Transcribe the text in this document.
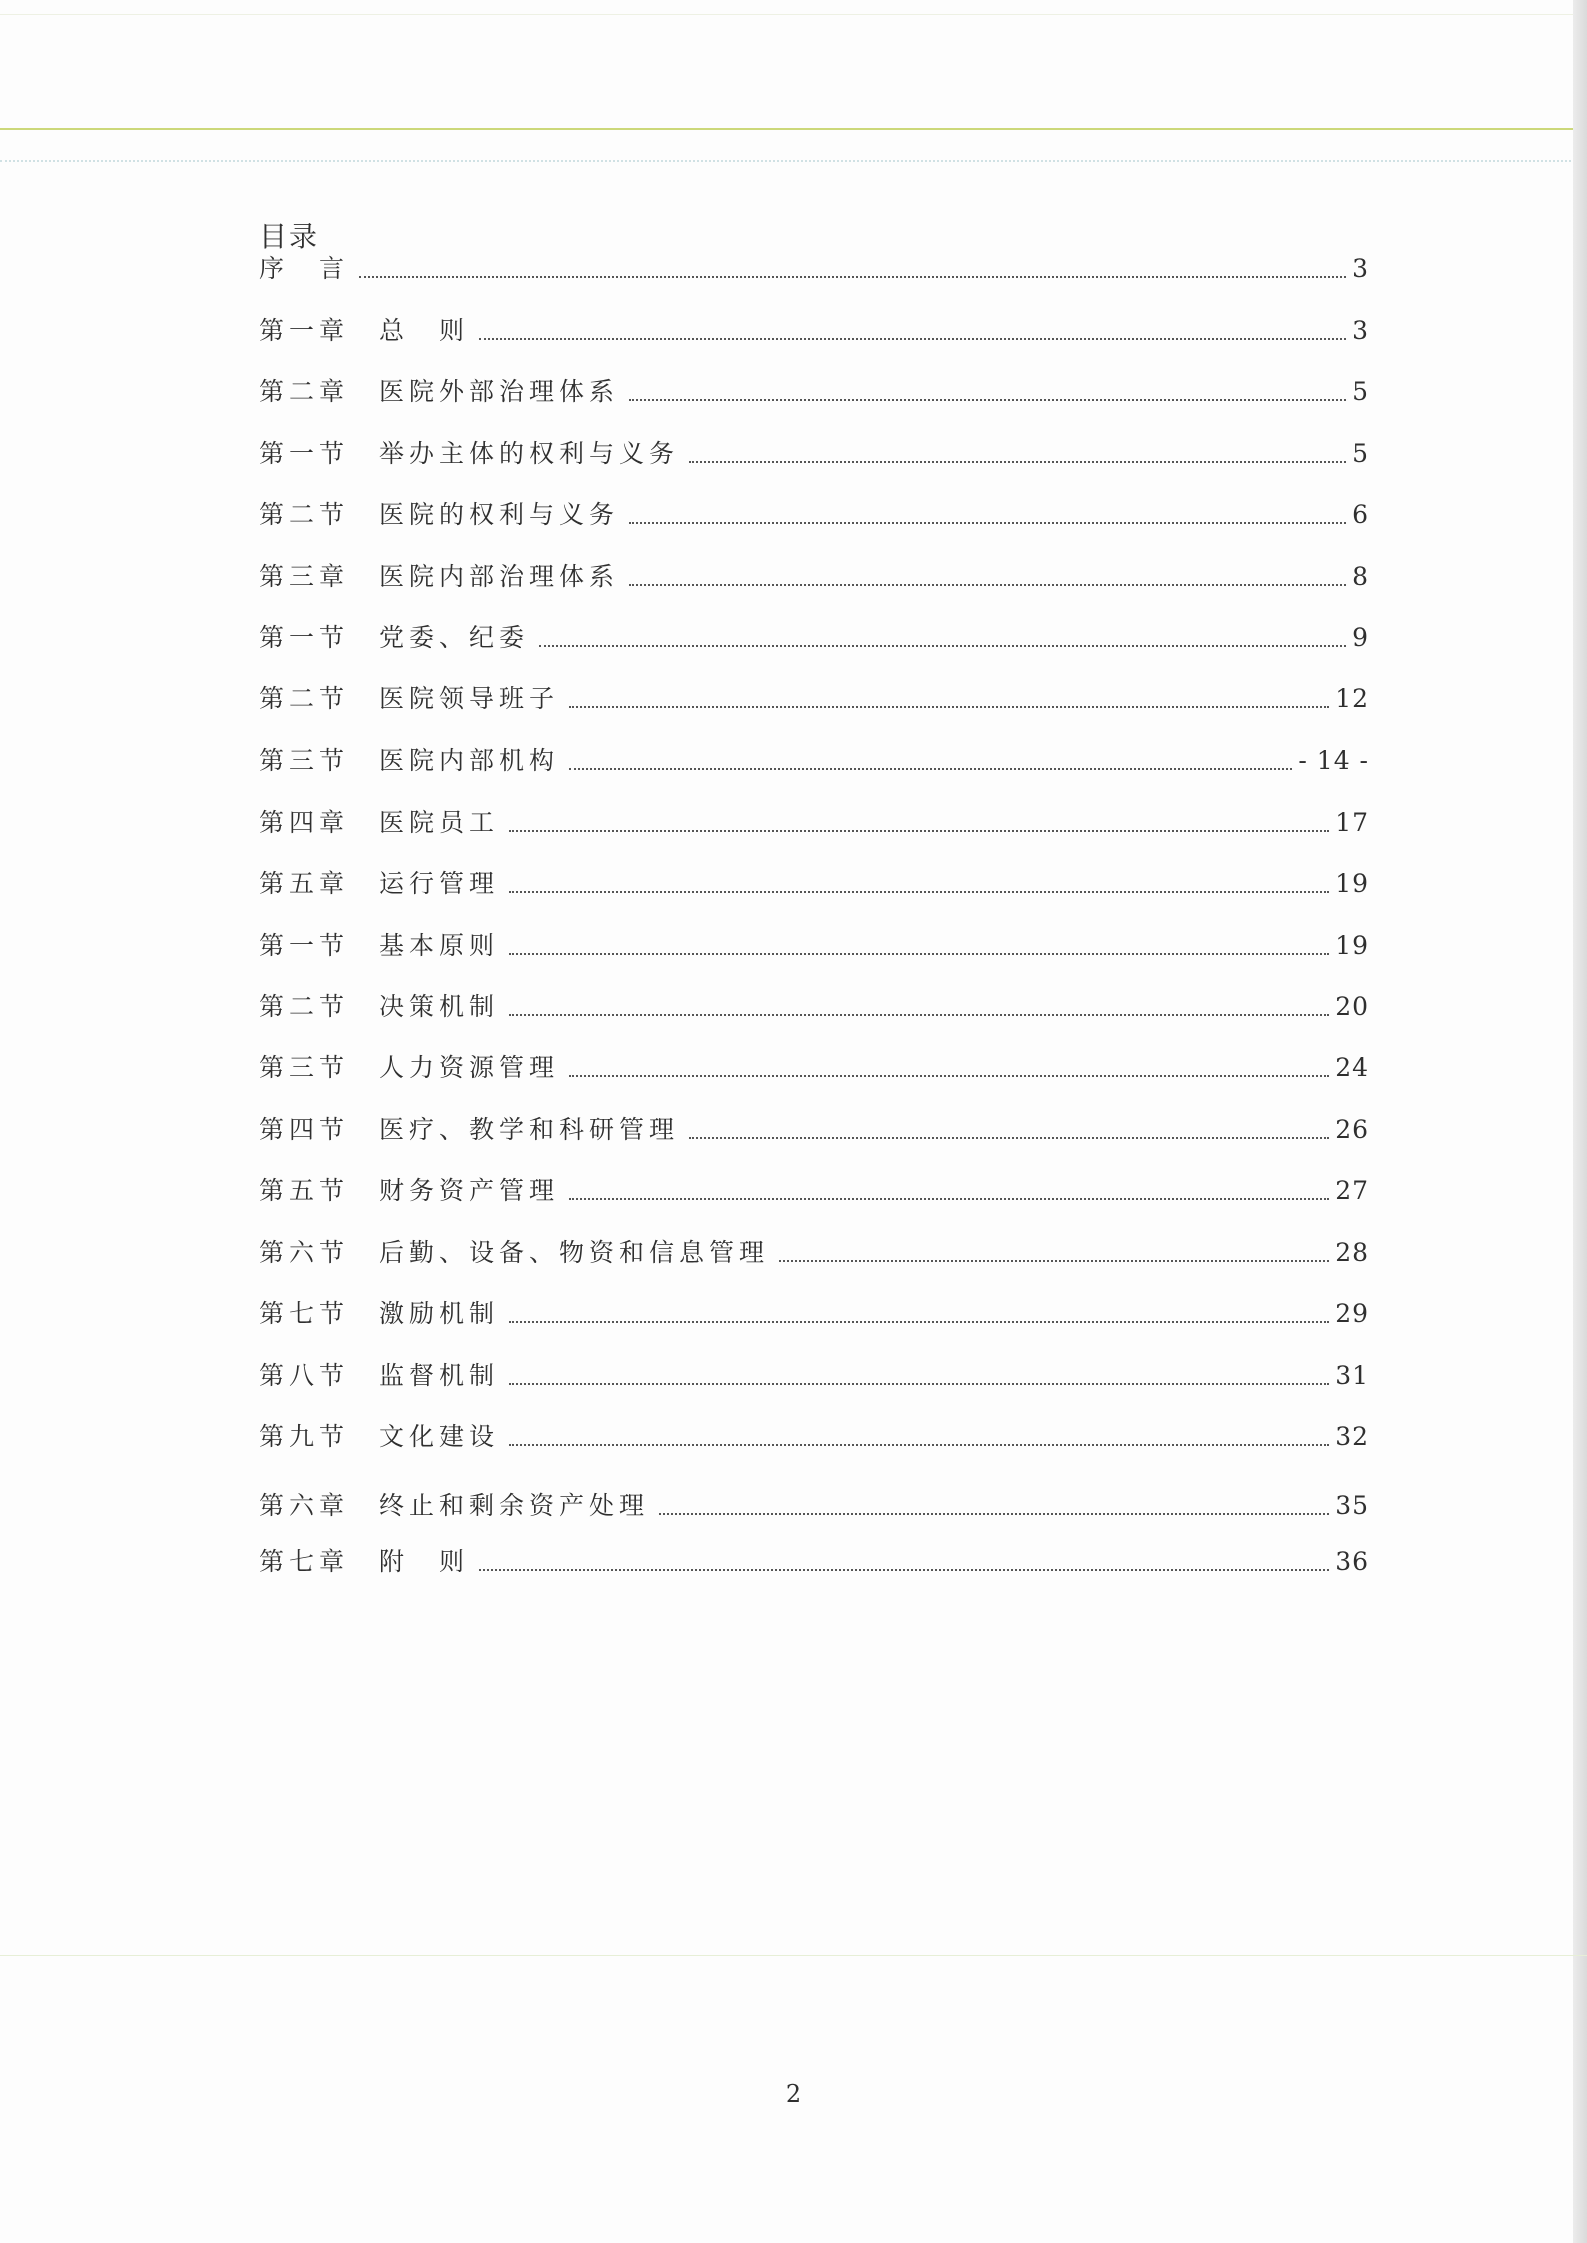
目录
序　言	3
第一章　总　则	3
第二章　医院外部治理体系	5
第一节　举办主体的权利与义务	5
第二节　医院的权利与义务	6
第三章　医院内部治理体系	8
第一节　党委、纪委	9
第二节　医院领导班子	12
第三节　医院内部机构	- 14 -
第四章　医院员工	17
第五章　运行管理	19
第一节　基本原则	19
第二节　决策机制	20
第三节　人力资源管理	24
第四节　医疗、教学和科研管理	26
第五节　财务资产管理	27
第六节　后勤、设备、物资和信息管理	28
第七节　激励机制	29
第八节　监督机制	31
第九节　文化建设	32
第六章　终止和剩余资产处理	35
第七章　附　则	36
2
